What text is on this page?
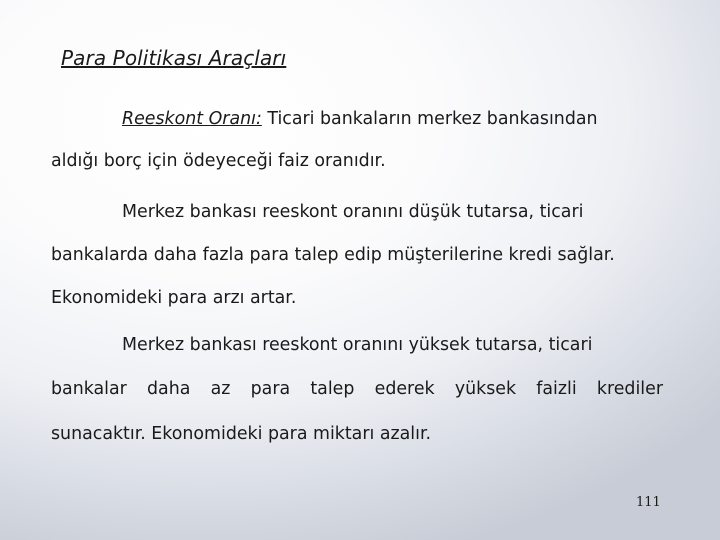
Para Politikası Araçları
Reeskont Oranı: Ticari bankaların merkez bankasından
aldığı borç için ödeyeceği faiz oranıdır.
Merkez bankası reeskont oranını düşük tutarsa, ticari
bankalarda daha fazla para talep edip müşterilerine kredi sağlar.
Ekonomideki para arzı artar.
Merkez bankası reeskont oranını yüksek tutarsa, ticari
bankalar daha az para talep ederek yüksek faizli krediler
sunacaktır. Ekonomideki para miktarı azalır.
111
